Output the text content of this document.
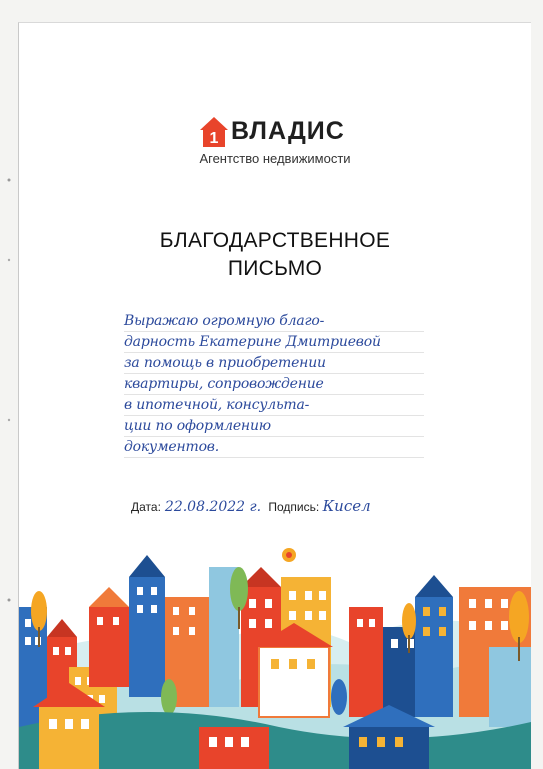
1 ВЛАДИС
Агентство недвижимости
БЛАГОДАРСТВЕННОЕ
ПИСЬМО
Выражаю огромную благо-
дарность Екатерине Дмитриевой
за помощь в приобретении
квартиры, сопровождение
в ипотечной, консульта-
ции по оформлению
документов.
Дата: 22.08.2022 г. Подпись: Кисел
